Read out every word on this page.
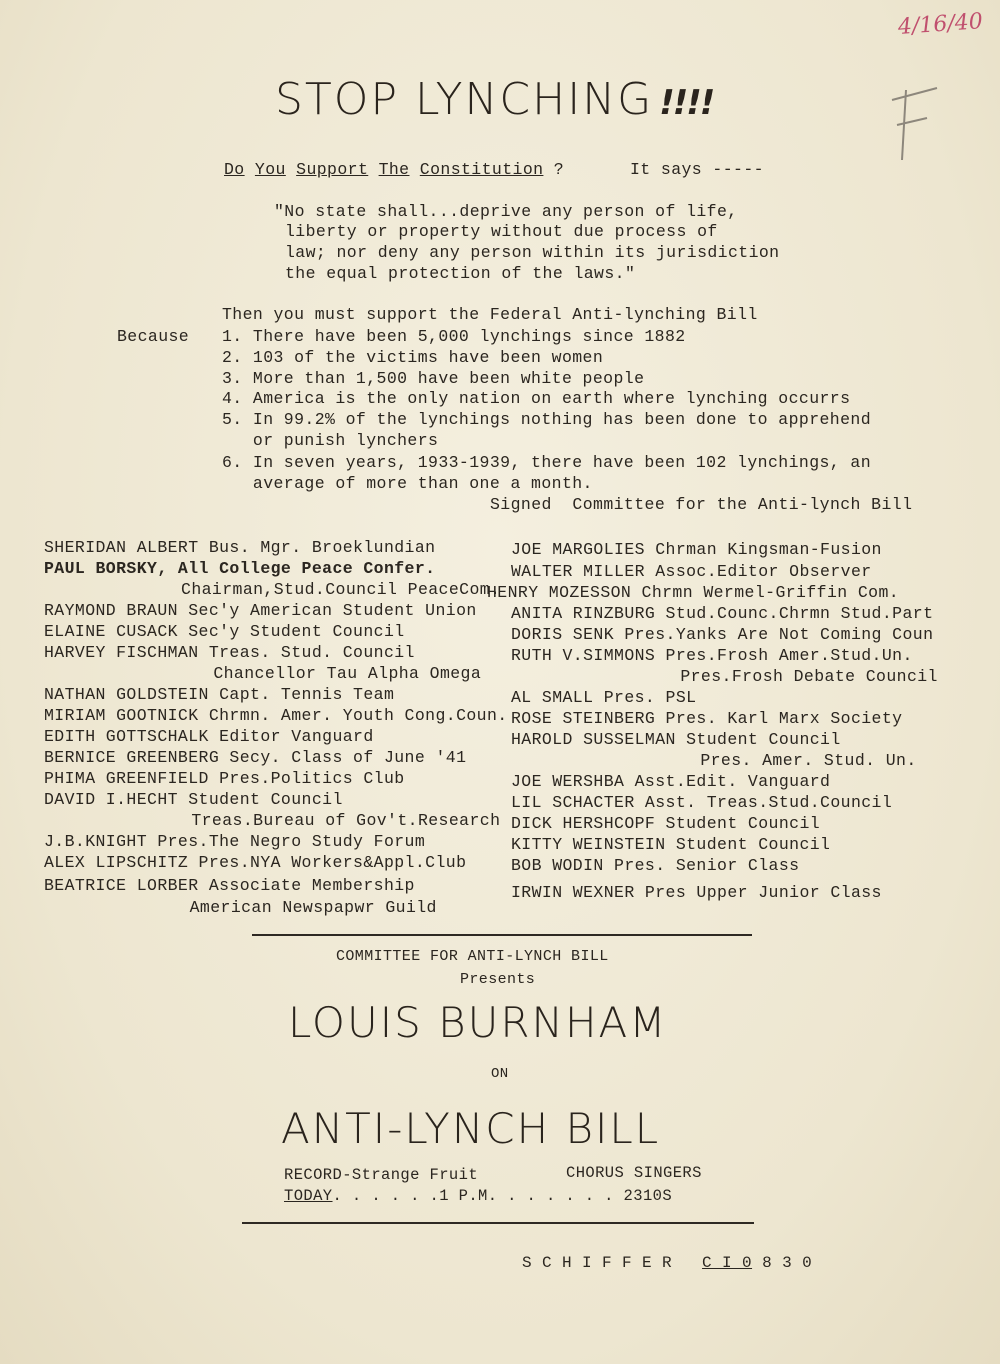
4/16/40
STOP LYNCHING !!!!
Do You Support The Constitution ?	It says -----
"No state shall...deprive any person of life,
liberty or property without due process of
law; nor deny any person within its jurisdiction
the equal protection of the laws."
Then you must support the Federal Anti-lynching Bill
Because 1. There have been 5,000 lynchings since 1882
2. 103 of the victims have been women
3. More than 1,500 have been white people
4. America is the only nation on earth where lynching occurrs
5. In 99.2% of the lynchings nothing has been done to apprehend
or punish lynchers
6. In seven years, 1933-1939, there have been 102 lynchings, an
average of more than one a month.
Signed  Committee for the Anti-lynch Bill
SHERIDAN ALBERT Bus. Mgr. Broeklundian
PAUL BORSKY, All College Peace Confer.
Chairman,Stud.Council PeaceCom.
RAYMOND BRAUN Sec'y American Student Union
ELAINE CUSACK Sec'y Student Council
HARVEY FISCHMAN Treas. Stud. Council
Chancellor Tau Alpha Omega
NATHAN GOLDSTEIN Capt. Tennis Team
MIRIAM GOOTNICK Chrmn. Amer. Youth Cong.Coun.
EDITH GOTTSCHALK Editor Vanguard
BERNICE GREENBERG Secy. Class of June '41
PHIMA GREENFIELD Pres.Politics Club
DAVID I.HECHT Student Council
Treas.Bureau of Gov't.Research
J.B.KNIGHT Pres.The Negro Study Forum
ALEX LIPSCHITZ Pres.NYA Workers&Appl.Club
BEATRICE LORBER Associate Membership
American Newspapwr Guild
JOE MARGOLIES Chrman Kingsman-Fusion
WALTER MILLER Assoc.Editor Observer
HENRY MOZESSON Chrmn Wermel-Griffin Com.
ANITA RINZBURG Stud.Counc.Chrmn Stud.Part
DORIS SENK Pres.Yanks Are Not Coming Coun
RUTH V.SIMMONS Pres.Frosh Amer.Stud.Un.
Pres.Frosh Debate Council
AL SMALL Pres. PSL
ROSE STEINBERG Pres. Karl Marx Society
HAROLD SUSSELMAN Student Council
Pres. Amer. Stud. Un.
JOE WERSHBA Asst.Edit. Vanguard
LIL SCHACTER Asst. Treas.Stud.Council
DICK HERSHCOPF Student Council
KITTY WEINSTEIN Student Council
BOB WODIN Pres. Senior Class
IRWIN WEXNER Pres Upper Junior Class
COMMITTEE FOR ANTI-LYNCH BILL
Presents
LOUIS BURNHAM
ON
ANTI-LYNCH BILL
RECORD-Strange Fruit	CHORUS SINGERS
TODAY. . . . . .1 P.M. . . . . . . 2310S
S C H I F F E R C I 0 8 3 0
